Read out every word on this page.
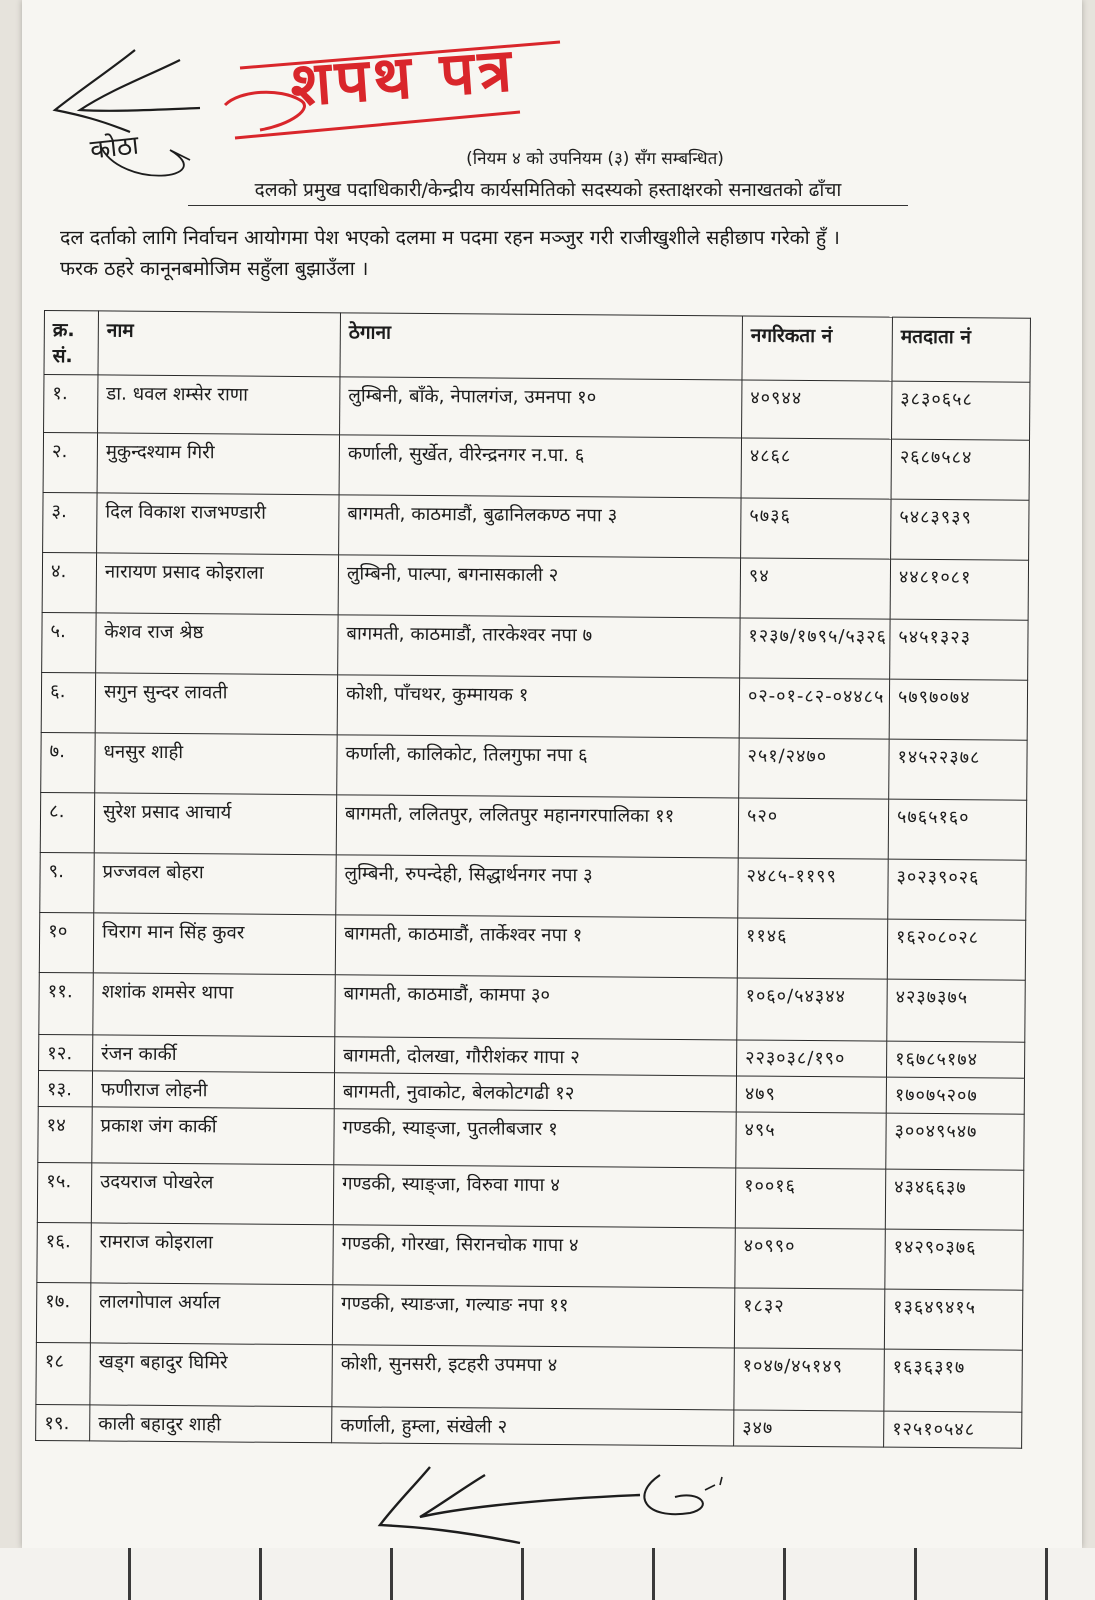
कोठा
शपथ पत्र
(नियम ४ को उपनियम (३) सँग सम्बन्धित)
दलको प्रमुख पदाधिकारी/केन्द्रीय कार्यसमितिको सदस्यको हस्ताक्षरको सनाखतको ढाँचा
दल दर्ताको लागि निर्वाचन आयोगमा पेश भएको दलमा म पदमा रहन मञ्जुर गरी राजीखुशीले सहीछाप गरेको हुँ ।
फरक ठहरे कानूनबमोजिम सहुँला बुझाउँला ।
क्र. सं.	नाम	ठेगाना	नगरिकता नं	मतदाता नं
१.	डा. धवल शम्सेर राणा	लुम्बिनी, बाँके, नेपालगंज, उमनपा १०	४०९४४	३८३०६५८
२.	मुकुन्दश्याम गिरी	कर्णाली, सुर्खेत, वीरेन्द्रनगर न.पा. ६	४८६८	२६८७५८४
३.	दिल विकाश राजभण्डारी	बागमती, काठमाडौं, बुढानिलकण्ठ नपा ३	५७३६	५४८३९३९
४.	नारायण प्रसाद कोइराला	लुम्बिनी, पाल्पा, बगनासकाली २	९४	४४८१०८१
५.	केशव राज श्रेष्ठ	बागमती, काठमाडौं, तारकेश्वर नपा ७	१२३७/१७९५/५३२६	५४५१३२३
६.	सगुन सुन्दर लावती	कोशी, पाँचथर, कुम्मायक १	०२-०१-८२-०४४८५	५७९७०७४
७.	धनसुर शाही	कर्णाली, कालिकोट, तिलगुफा नपा ६	२५१/२४७०	१४५२२३७८
८.	सुरेश प्रसाद आचार्य	बागमती, ललितपुर, ललितपुर महानगरपालिका ११	५२०	५७६५१६०
९.	प्रज्जवल बोहरा	लुम्बिनी, रुपन्देही, सिद्धार्थनगर नपा ३	२४८५-११९९	३०२३९०२६
१०	चिराग मान सिंह कुवर	बागमती, काठमाडौं, तार्केश्वर नपा १	११४६	१६२०८०२८
११.	शशांक शमसेर थापा	बागमती, काठमाडौं, कामपा ३०	१०६०/५४३४४	४२३७३७५
१२.	रंजन कार्की	बागमती, दोलखा, गौरीशंकर गापा २	२२३०३८/१९०	१६७८५१७४
१३.	फणीराज लोहनी	बागमती, नुवाकोट, बेलकोटगढी १२	४७९	१७०७५२०७
१४	प्रकाश जंग कार्की	गण्डकी, स्याङ्जा, पुतलीबजार १	४९५	३००४९५४७
१५.	उदयराज पोखरेल	गण्डकी, स्याङ्जा, विरुवा गापा ४	१००१६	४३४६६३७
१६.	रामराज कोइराला	गण्डकी, गोरखा, सिरानचोक गापा ४	४०९९०	१४२९०३७६
१७.	लालगोपाल अर्याल	गण्डकी, स्याङजा, गल्याङ नपा ११	१८३२	१३६४९४१५
१८	खड्ग बहादुर घिमिरे	कोशी, सुनसरी, इटहरी उपमपा ४	१०४७/४५१४९	१६३६३१७
१९.	काली बहादुर शाही	कर्णाली, हुम्ला, संखेली २	३४७	१२५१०५४८
